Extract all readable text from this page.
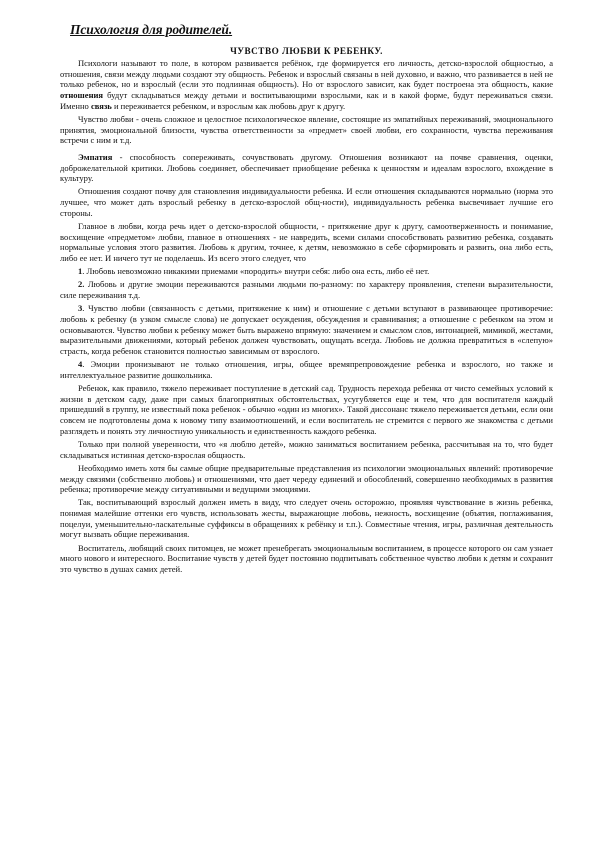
Психология для родителей.
ЧУВСТВО ЛЮБВИ К РЕБЕНКУ.

Психологи называют то поле, в котором развивается ребёнок, где формируется его личность, детско-взрослой общностью, а отношения, связи между людьми создают эту общность. Ребенок и взрослый связаны в ней духовно, и важно, что развивается в ней не только ребенок, но и взрослый (если это подлинная общность). Но от взрослого зависит, как будет построена эта общность, какие отношения будут складываться между детьми и воспитывающими взрослыми, как и в какой форме, будут переживаться связи. Именно связь и переживается ребенком, и взрослым как любовь друг к другу.

Чувство любви - очень сложное и целостное психологическое явление, состоящие из эмпатийных переживаний, эмоционального принятия, эмоциональной близости, чувства ответственности за «предмет» своей любви, его сохранности, чувства переживания встречи с ним и т.д.

Эмпатия - способность сопереживать, сочувствовать другому. Отношения возникают на почве сравнения, оценки, доброжелательной критики. Любовь соединяет, обеспечивает приобщение ребенка к ценностям и идеалам взрослого, вхождение в культуру.

Отношения создают почву для становления индивидуальности ребенка. И если отношения складываются нормально (норма это лучшее, что может дать взрослый ребенку в детско-взрослой общ-ности), индивидуальность ребенка высвечивает лучшие его стороны.

Главное в любви, когда речь идет о детско-взрослой общности, - притяжение друг к другу, самоотверженность и понимание, восхищение «предметом» любви, главное в отношениях - не навредить, всеми силами способствовать развитию ребенка, создавать нормальные условия этого развития. Любовь к другим, точнее, к детям, невозможно в себе сформировать и развить, она либо есть, либо ее нет. И ничего тут не поделаешь. Из всего этого следует, что

1. Любовь невозможно никакими приемами «породить» внутри себя: либо она есть, либо её нет.

2. Любовь и другие эмоции переживаются разными людьми по-разному: по характеру проявления, степени выразительности, силе переживания т.д.

3. Чувство любви (связанность с детьми, притяжение к ним) и отношение с детьми вступают в развивающее противоречие: любовь к ребенку (в узком смысле слова) не допускает осуждения, обсуждения и сравнивания; а отношение с ребенком на этом и основываются. Чувство любви к ребенку может быть выражено впрямую: значением и смыслом слов, интонацией, мимикой, жестами, выразительными движениями, который ребенок должен чувствовать, ощущать всегда. Любовь не должна превратиться в «слепую» страсть, когда ребенок становится полностью зависимым от взрослого.

4. Эмоции пронизывают не только отношения, игры, общее времяпрепровождение ребенка и взрослого, но также и интеллектуальное развитие дошкольника.

Ребенок, как правило, тяжело переживает поступление в детский сад. Трудность перехода ребенка от чисто семейных условий к жизни в детском саду, даже при самых благоприятных обстоятельствах, усугубляется еще и тем, что для воспитателя каждый пришедший в группу, не известный пока ребенок - обычно «один из многих». Такой диссонанс тяжело переживается детьми, если они совсем не подготовлены дома к новому типу взаимоотношений, и если воспитатель не стремится с первого же знакомства с детьми разглядеть и понять эту личностную уникальность и единственность каждого ребенка.

Только при полной уверенности, что «я люблю детей», можно заниматься воспитанием ребенка, рассчитывая на то, что будет складываться истинная детско-взрослая общность.

Необходимо иметь хотя бы самые общие предварительные представления из психологии эмоциональных явлений: противоречие между связями (собственно любовь) и отношениями, что дает череду единений и обособлений, совершенно необходимых в развития ребенка; противоречие между ситуативными и ведущими эмоциями.

Так, воспитывающий взрослый должен иметь в виду, что следует очень осторожно, проявляя чувствование в жизнь ребенка, понимая малейшие оттенки его чувств, использовать жесты, выражающие любовь, нежность, восхищение (объятия, поглаживания, поцелуи, уменьшительно-ласкательные суффиксы в обращениях к ребёнку и т.п.). Совместные чтения, игры, различная деятельность могут вызвать общие переживания.

Воспитатель, любящий своих питомцев, не может пренебрегать эмоциональным воспитанием, в процессе которого он сам узнает много нового и интересного. Воспитание чувств у детей будет постоянно подпитывать собственное чувство любви к детям и сохранит это чувство в душах самих детей.
